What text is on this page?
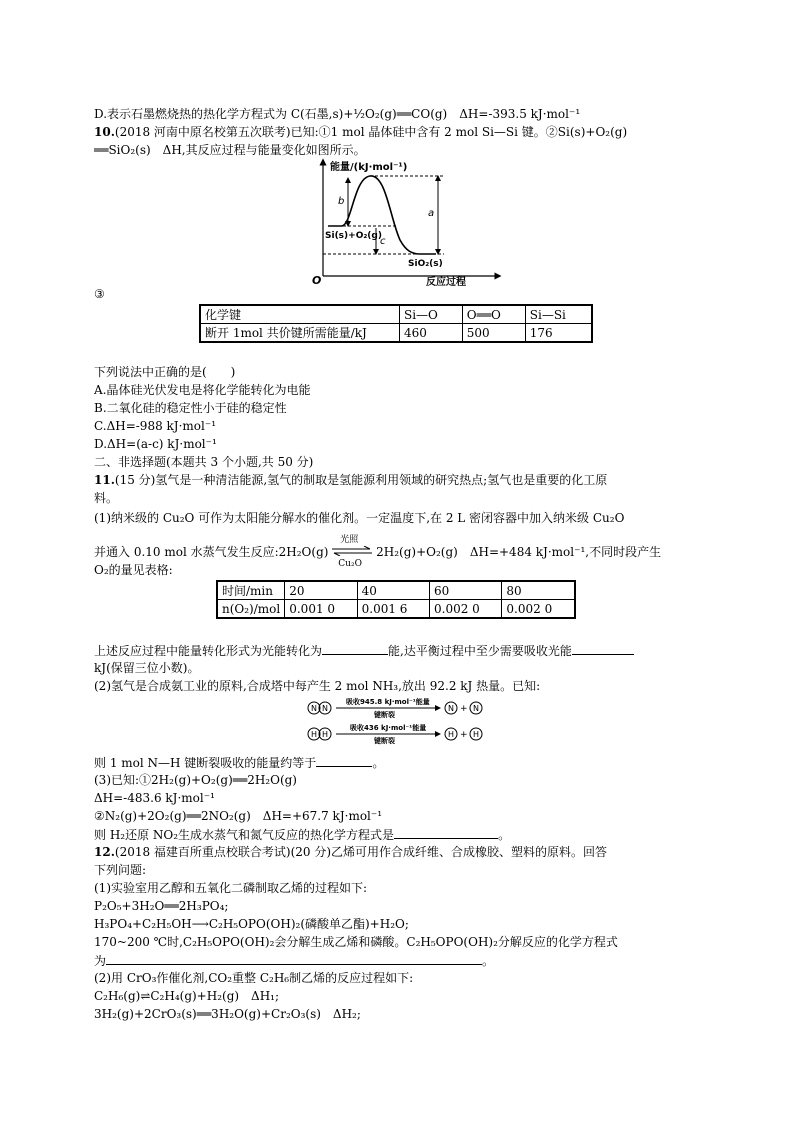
D.表示石墨燃烧热的热化学方程式为 C(石墨,s)+½O₂(g)══CO(g)　ΔH=-393.5 kJ·mol⁻¹
10.(2018 河南中原名校第五次联考)已知:①1 mol 晶体硅中含有 2 mol Si—Si 键。②Si(s)+O₂(g)
══SiO₂(s)　ΔH,其反应过程与能量变化如图所示。
能量/(kJ·mol⁻¹)
反应过程
O
b
c
a
Si(s)+O₂(g)
SiO₂(s)
③
化学键	Si—O	O══O	Si—Si
断开 1mol 共价键所需能量/kJ	460	500	176
下列说法中正确的是(　　)
A.晶体硅光伏发电是将化学能转化为电能
B.二氧化硅的稳定性小于硅的稳定性
C.ΔH=-988 kJ·mol⁻¹
D.ΔH=(a-c) kJ·mol⁻¹
二、非选择题(本题共 3 个小题,共 50 分)
11.(15 分)氢气是一种清洁能源,氢气的制取是氢能源利用领域的研究热点;氢气也是重要的化工原
料。
(1)纳米级的 Cu₂O 可作为太阳能分解水的催化剂。一定温度下,在 2 L 密闭容器中加入纳米级 Cu₂O
并通入 0.10 mol 水蒸气发生反应:2H₂O(g)
光照
Cu₂O
2H₂(g)+O₂(g)　ΔH=+484 kJ·mol⁻¹,不同时段产生
O₂的量见表格:
时间/min	20	40	60	80
n(O₂)/mol	0.001 0	0.001 6	0.002 0	0.002 0
上述反应过程中能量转化形式为光能转化为	能,达平衡过程中至少需要吸收光能
kJ(保留三位小数)。
(2)氢气是合成氨工业的原料,合成塔中每产生 2 mol NH₃,放出 92.2 kJ 热量。已知:
N N
吸收945.8 kJ·mol⁻¹能量
键断裂
N + N
H H
吸收436 kJ·mol⁻¹能量
键断裂
H + H
则 1 mol N—H 键断裂吸收的能量约等于	。
(3)已知:①2H₂(g)+O₂(g)══2H₂O(g)
ΔH=-483.6 kJ·mol⁻¹
②N₂(g)+2O₂(g)══2NO₂(g)　ΔH=+67.7 kJ·mol⁻¹
则 H₂还原 NO₂生成水蒸气和氮气反应的热化学方程式是	。
12.(2018 福建百所重点校联合考试)(20 分)乙烯可用作合成纤维、合成橡胶、塑料的原料。回答
下列问题:
(1)实验室用乙醇和五氧化二磷制取乙烯的过程如下:
P₂O₅+3H₂O══2H₃PO₄;
H₃PO₄+C₂H₅OH⟶C₂H₅OPO(OH)₂(磷酸单乙酯)+H₂O;
170~200 ℃时,C₂H₅OPO(OH)₂会分解生成乙烯和磷酸。C₂H₅OPO(OH)₂分解反应的化学方程式
为	。
(2)用 CrO₃作催化剂,CO₂重整 C₂H₆制乙烯的反应过程如下:
C₂H₆(g)⇌C₂H₄(g)+H₂(g)　ΔH₁;
3H₂(g)+2CrO₃(s)══3H₂O(g)+Cr₂O₃(s)　ΔH₂;
